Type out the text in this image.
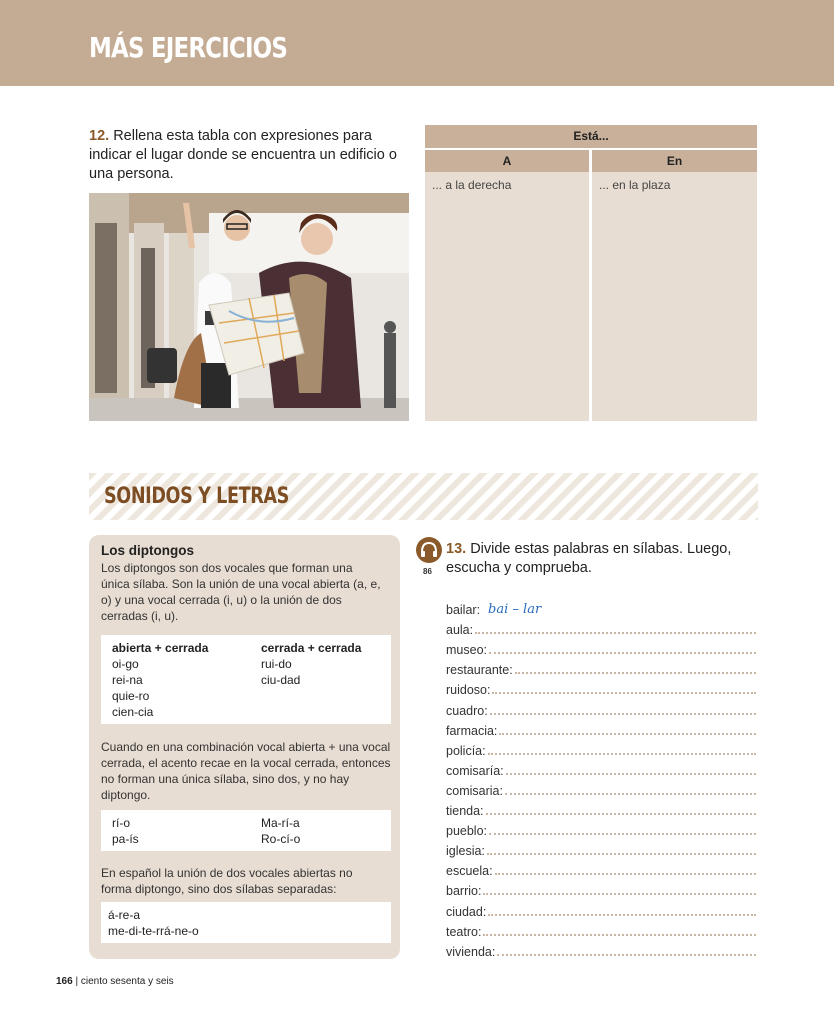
MÁS EJERCICIOS
12. Rellena esta tabla con expresiones para indicar el lugar donde se encuentra un edificio o una persona.
Está...
A
... a la derecha
En
... en la plaza
SONIDOS Y LETRAS
Los diptongos
Los diptongos son dos vocales que forman una única sílaba. Son la unión de una vocal abierta (a, e, o) y una vocal cerrada (i, u) o la unión de dos cerradas (i, u).
abierta + cerrada
oi-go
rei-na
quie-ro
cien-cia
cerrada + cerrada
rui-do
ciu-dad
Cuando en una combinación vocal abierta + una vocal cerrada, el acento recae en la vocal cerrada, entonces no forman una única sílaba, sino dos, y no hay diptongo.
rí-o
pa-ís
Ma-rí-a
Ro-cí-o
En español la unión de dos vocales abiertas no forma diptongo, sino dos sílabas separadas:
á-re-a
me-di-te-rrá-ne-o
86
13. Divide estas palabras en sílabas. Luego, escucha y comprueba.
bailar: bai – lar
aula:
museo:
restaurante:
ruidoso:
cuadro:
farmacia:
policía:
comisaría:
comisaria:
tienda:
pueblo:
iglesia:
escuela:
barrio:
ciudad:
teatro:
vivienda:
166 | ciento sesenta y seis
